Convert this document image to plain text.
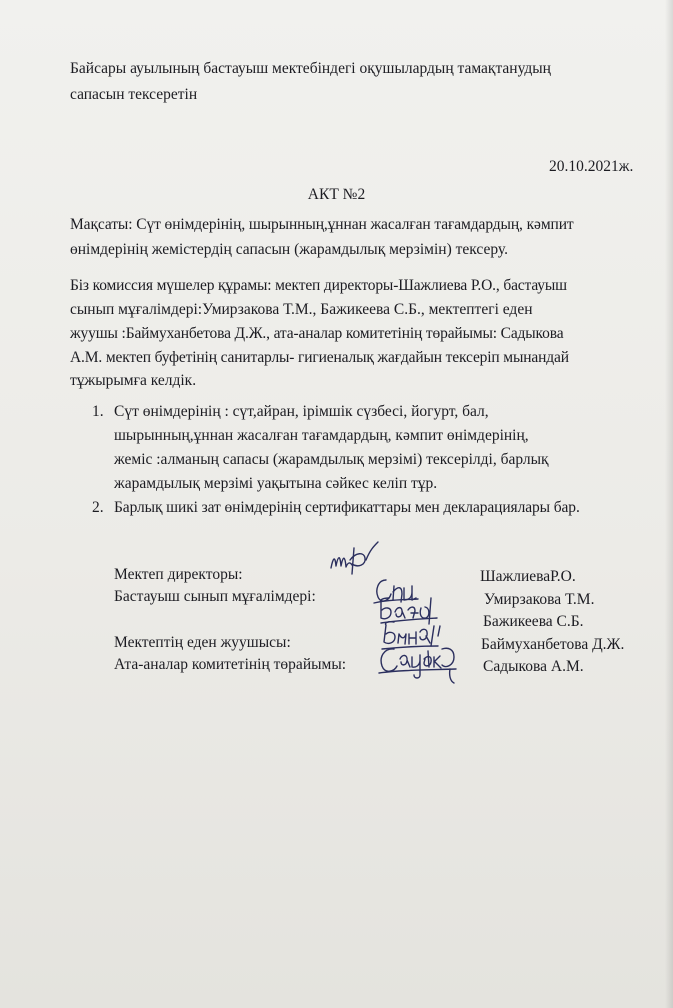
Байсары ауылының бастауыш мектебіндегі оқушылардың тамақтанудың
сапасын тексеретін
20.10.2021ж.
АКТ №2
Мақсаты: Сүт өнімдерінің, шырынның,ұннан жасалған тағамдардың, кәмпит
өнімдерінің жемістердің сапасын (жарамдылық мерзімін) тексеру.
Біз комиссия мүшелер құрамы: мектеп директоры-Шажлиева Р.О., бастауыш
сынып мұғалімдері:Умирзакова Т.М., Бажикеева С.Б., мектептегі еден
жуушы :Баймуханбетова Д.Ж., ата-аналар комитетінің төрайымы: Садыкова
А.М. мектеп буфетінің санитарлы- гигиеналық жағдайын тексеріп мынандай
тұжырымға келдік.
1. Сүт өнімдерінің : сүт,айран, ірімшік сүзбесі, йогурт, бал,
шырынның,ұннан жасалған тағамдардың, кәмпит өнімдерінің,
жеміс :алманың сапасы (жарамдылық мерзімі) тексерілді, барлық
жарамдылық мерзімі уақытына сәйкес келіп тұр.
2. Барлық шикі зат өнімдерінің сертификаттары мен декларациялары бар.
Мектеп директоры:	ШажлиеваР.О.
Бастауыш сынып мұғалімдері:	Умирзакова Т.М.
Бажикеева С.Б.
Мектептің еден жуушысы:	Баймуханбетова Д.Ж.
Ата-аналар комитетінің төрайымы:	Садыкова А.М.
